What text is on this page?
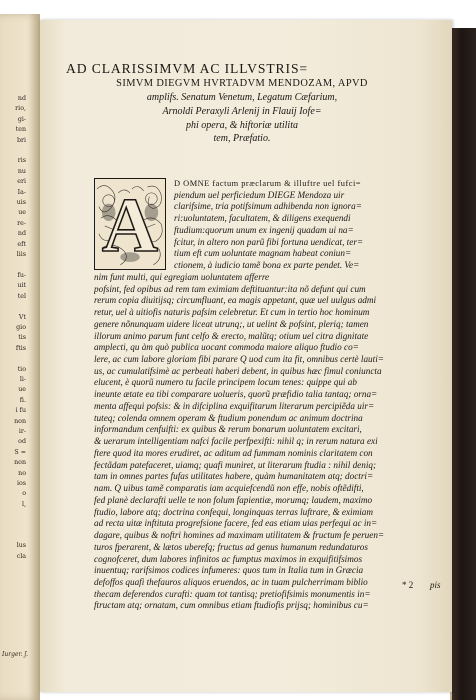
nd
rio,
gi-
ten
bri

ris
nu
eri
Ia-
uis
ue
re-
nd
eft
liis

fu-
uit
tel

Vt
gio
tis
ftis

tio
li-
ue
fi.
i fu
non
ir-
od
S =
non
no
ios
o
l,

lus
cla
Iurger. ʃ.
AD CLARISSIMVM AC ILLVSTRIS=
SIMVM DIEGVM HVRTADVM MENDOZAM, APVD
amplifs. Senatum Venetum, Legatum Cæfarium,
Arnoldi Peraxyli Arlenij in Flauij Iofe=
phi opera, & hiftoriæ utilita
tem, Præfatio.
A	D OMNE factum præclarum & illuftre uel fufci=
piendum uel perficiedum DIEGE Mendoza uir
clarifsime, tria potifsimum adhibenda non ignora=
ri:uoluntatem, facultatem, & diligens exequendi
ftudium:quorum unum ex ingenij quadam ui na=
fcitur, in altero non parũ fibi fortuna uendicat, ter=
tium eft cum uoluntate magnam habeat coniun=
ctionem, à iudicio tamẽ bona ex parte pendet. Ve=
nim funt multi, qui egregiam uoluntatem afferre
pofsint, fed opibus ad rem tam eximiam deftituantur:ita nõ defunt qui cum
rerum copia diuitijsq; circumfluant, ea magis appetant, quæ uel uulgus admi
retur, uel à uitiofis naturis pafsim celebretur. Et cum in tertio hoc hominum
genere nõnunquam uidere liceat utrunq;, ut uelint & pofsint, pleriq; tamen
illorum animo parum funt celfo & erecto, malũtq; otium uel citra dignitate
amplecti, qu àm quò publica uocant commoda maiore aliquo ftudio co=
lere, ac cum labore gloriam fibi parare Q uod cum ita fit, omnibus certè lauti=
us, ac cumulatifsimè ac perbeati haberi debent, in quibus hæc fimul coniuncta
elucent, è quorũ numero tu facile principem locum tenes: quippe qui ab
ineunte ætate ea tibi comparare uolueris, quorũ præfidio talia tantaq; orna=
menta affequi pofsis: & in difciplina exquifitarum literarum percipiẽda uir=
tuteq; colenda omnem operam & ftudium ponendum ac animum doctrina
informandum cenfuifti: ex quibus & rerum bonarum uoluntatem excitari,
& uerarum intelligentiam nafci facile perfpexifti: nihil q; in rerum natura exi
ftere quod ita mores erudiret, ac aditum ad fummam nominis claritatem con
fectãdam patefaceret, uiamq; quafi muniret, ut literarum ftudia : nihil deniq;
tam in omnes partes fufas utilitates habere, quàm humanitatem atq; doctri=
nam. Q uibus tamẽ comparatis iam acquiefcendũ non effe, nobis oftẽdifti,
fed planè declarafti uelle te non folum fapientiæ, morumq; laudem, maximo
ftudio, labore atq; doctrina confequi, longinquas terras luftrare, & eximiam
ad recta uitæ inftituta progrefsione facere, fed eas etiam uias perfequi ac in=
dagare, quibus & noftri homines ad maximam utilitatem & fructum fe peruen=
turos fperarent, & lætos uberefq; fructus ad genus humanum redundaturos
cognofceret, dum labores infinitos ac fumptus maximos in exquifitifsimos
inuentuq; rarifsimos codices infumeres: quos tum in Italia tum in Græcia
defoffos quafi thefauros aliquos eruendos, ac in tuam pulcherrimam biblio
thecam deferendos curafti: quam tot tantisq; pretiofifsimis monumentis in=
ftructam atq; ornatam, cum omnibus etiam ftudiofis prijsq; hominibus cu=
* 2 pis
